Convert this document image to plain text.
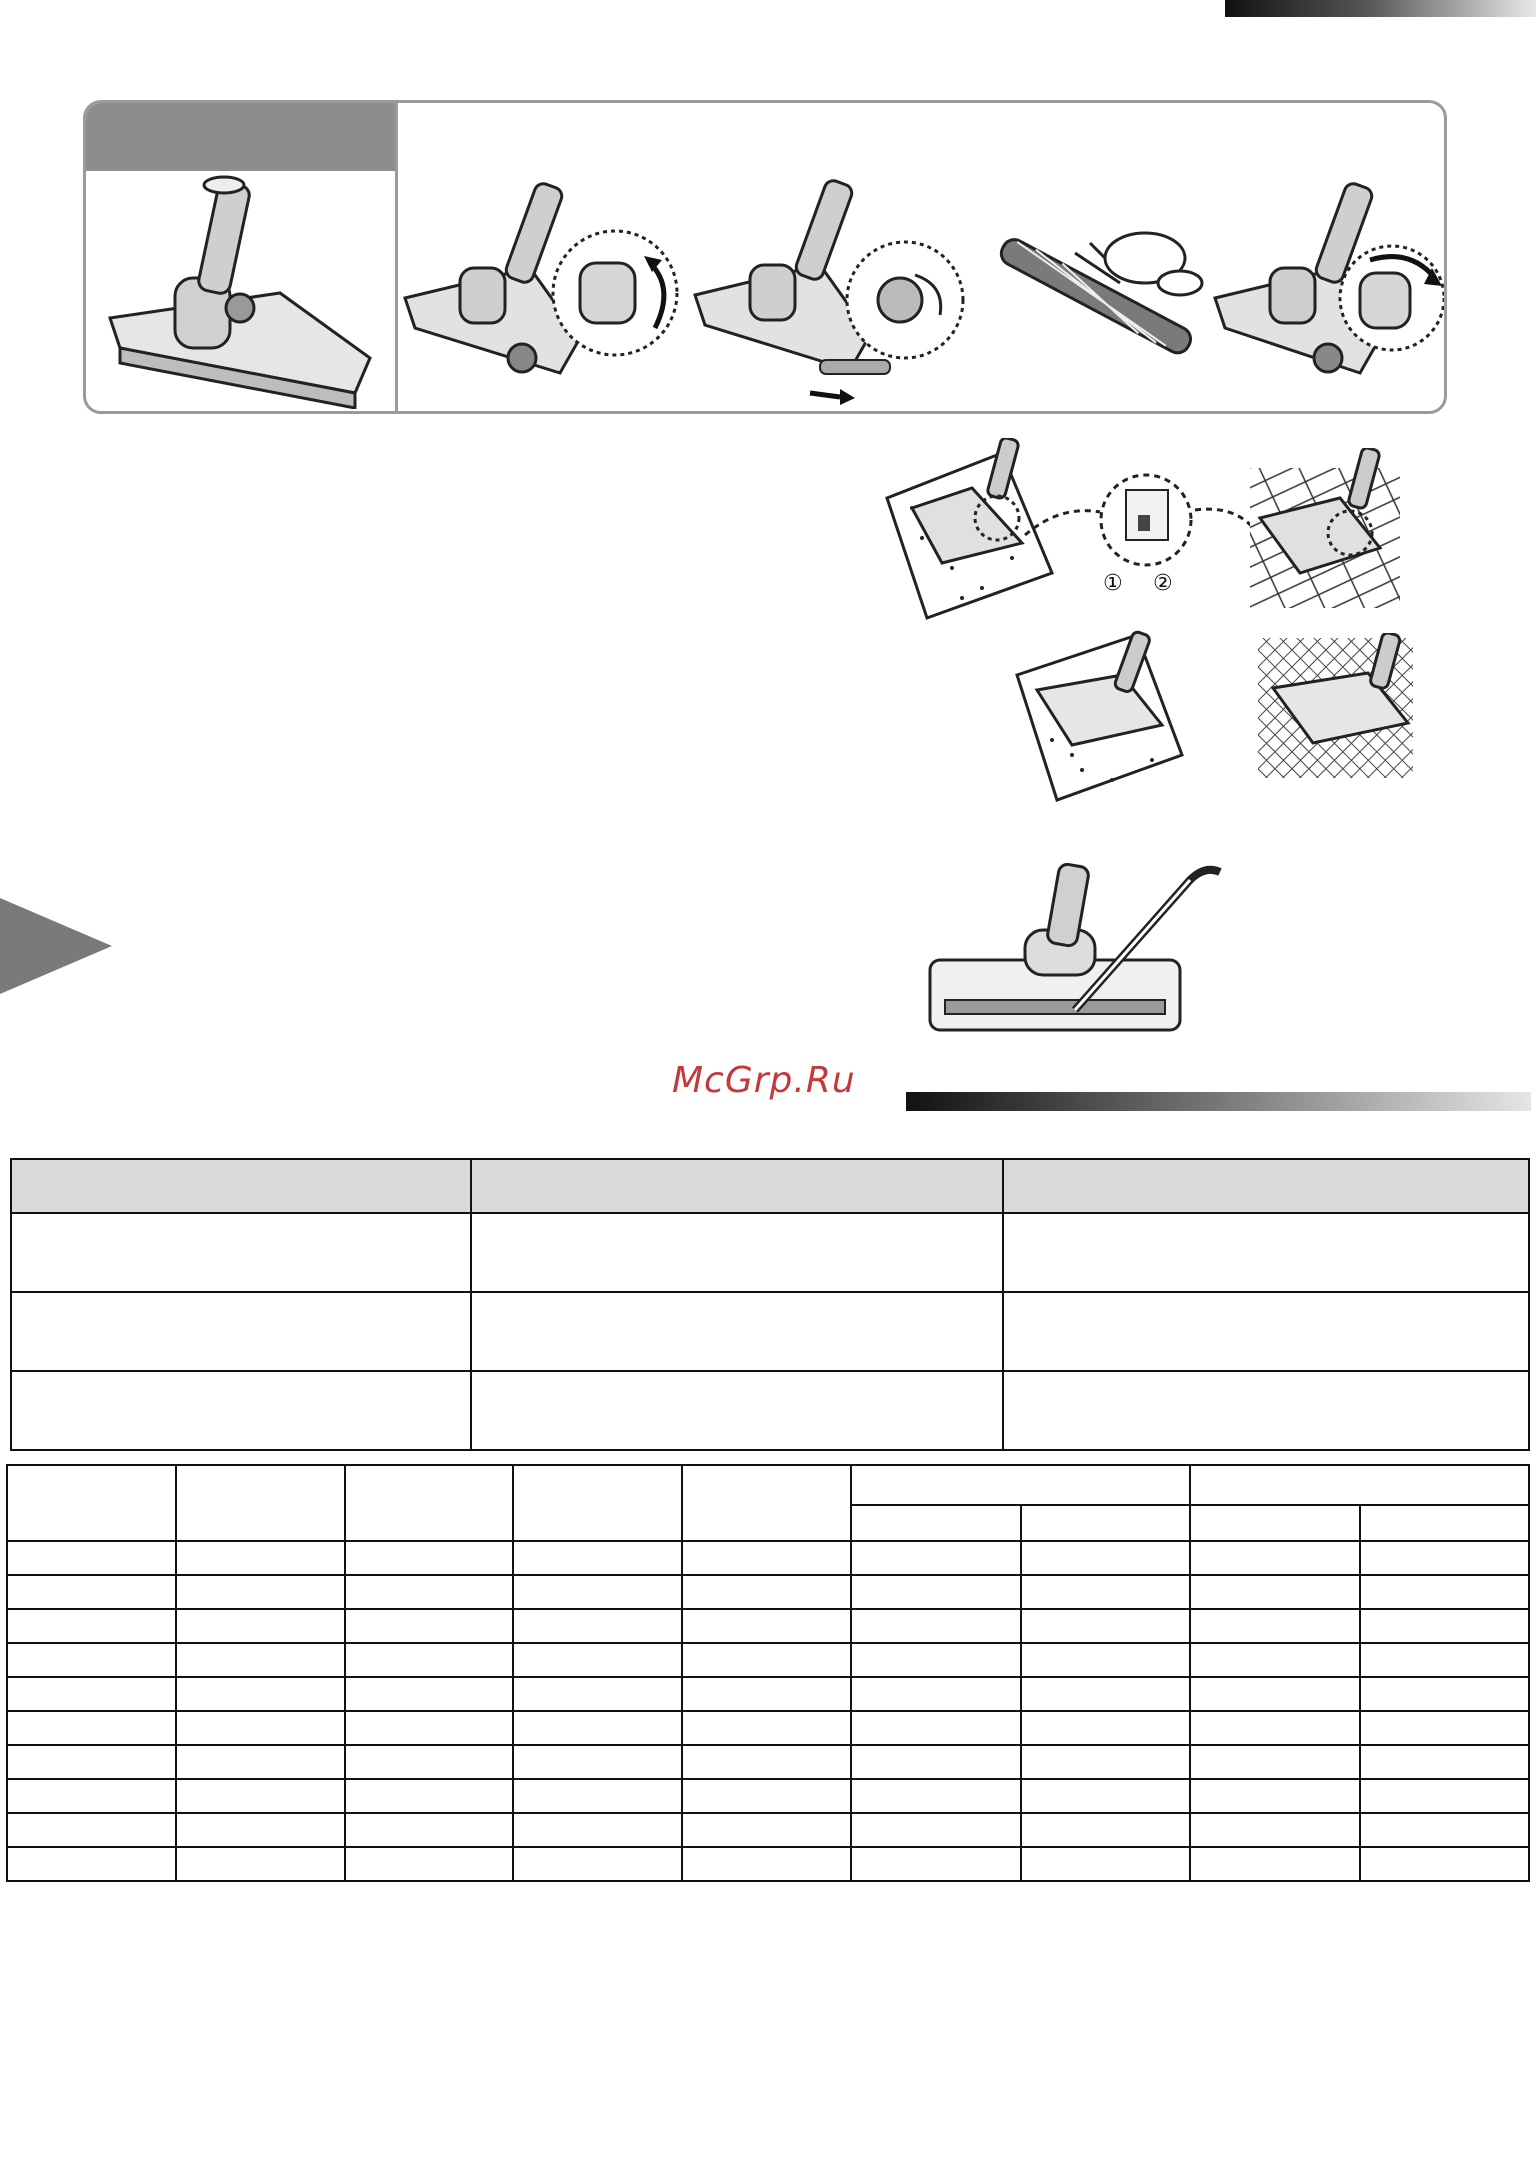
① ②
McGrp.Ru
